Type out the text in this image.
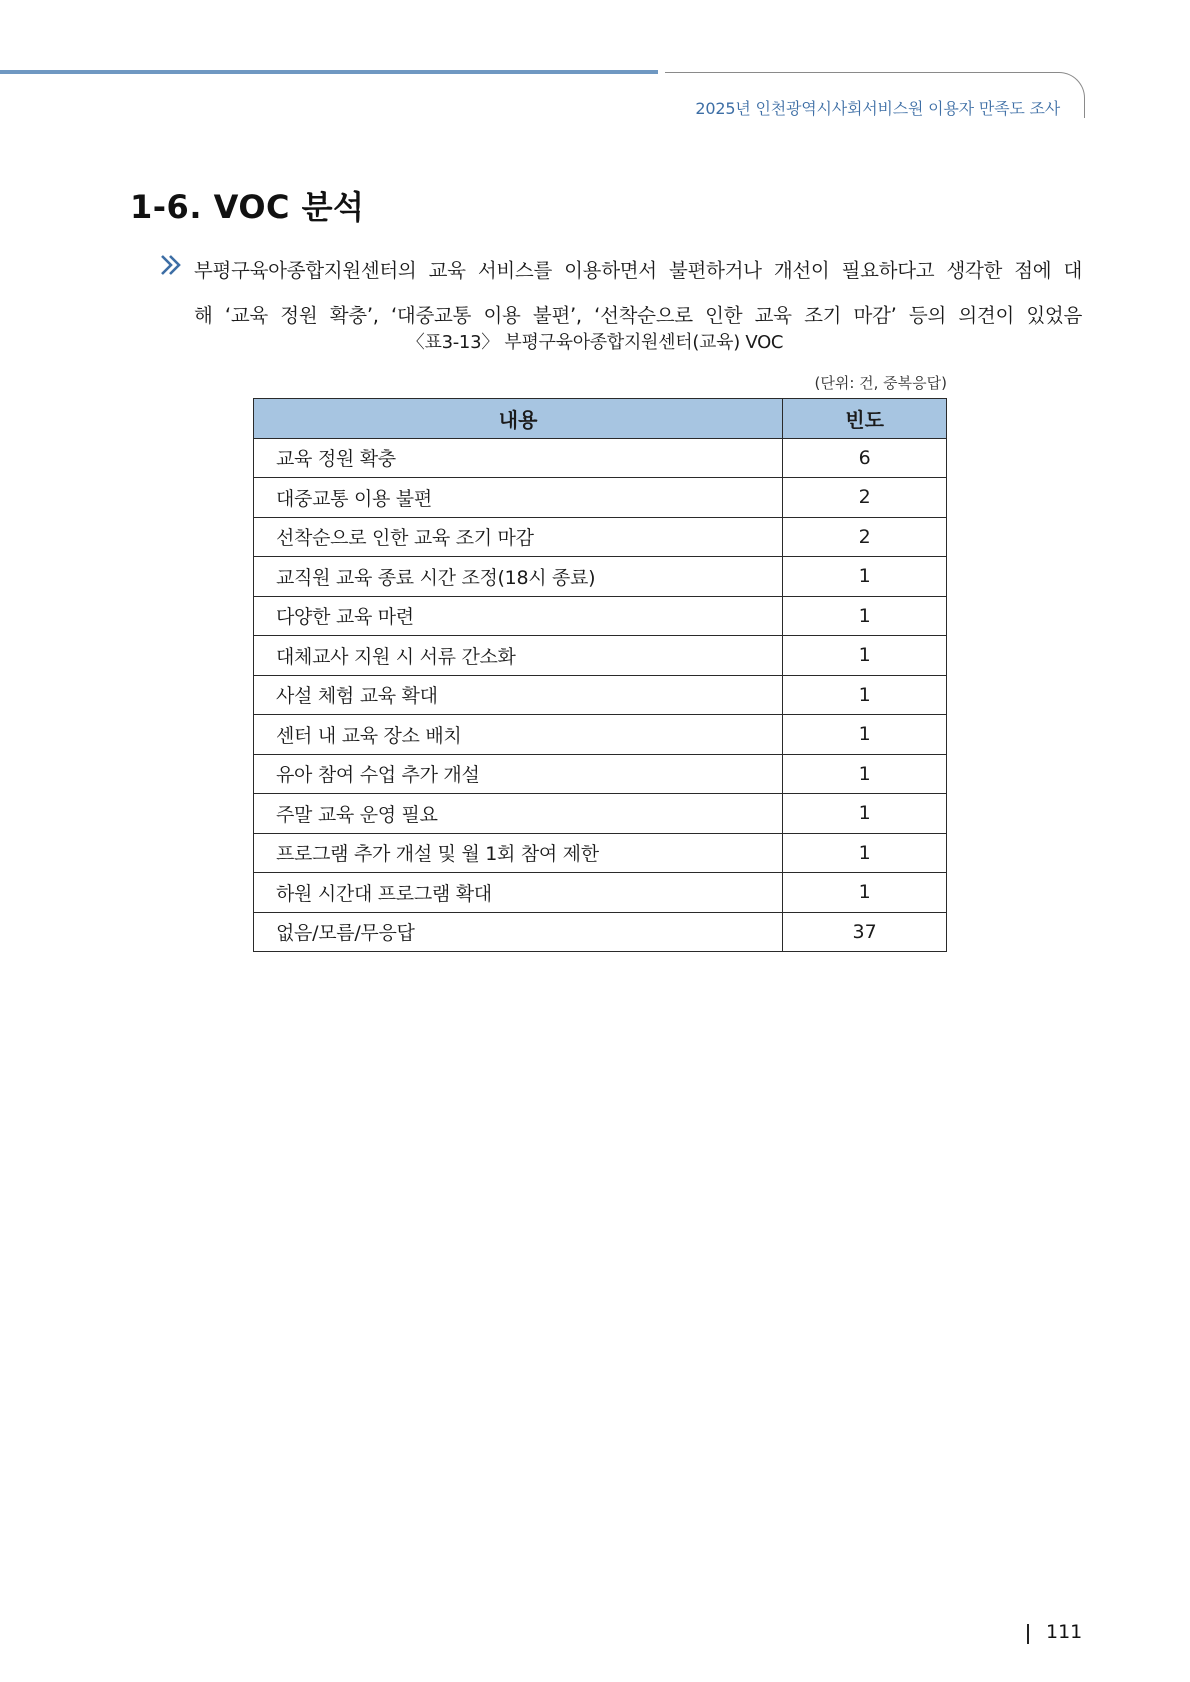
2025년 인천광역시사회서비스원 이용자 만족도 조사
1-6. VOC 분석
부평구육아종합지원센터의 교육 서비스를 이용하면서 불편하거나 개선이 필요하다고 생각한 점에 대
해 ‘교육 정원 확충’, ‘대중교통 이용 불편’, ‘선착순으로 인한 교육 조기 마감’ 등의 의견이 있었음
〈표3-13〉 부평구육아종합지원센터(교육) VOC
(단위: 건, 중복응답)
내용	빈도
교육 정원 확충	6
대중교통 이용 불편	2
선착순으로 인한 교육 조기 마감	2
교직원 교육 종료 시간 조정(18시 종료)	1
다양한 교육 마련	1
대체교사 지원 시 서류 간소화	1
사설 체험 교육 확대	1
센터 내 교육 장소 배치	1
유아 참여 수업 추가 개설	1
주말 교육 운영 필요	1
프로그램 추가 개설 및 월 1회 참여 제한	1
하원 시간대 프로그램 확대	1
없음/모름/무응답	37
111
